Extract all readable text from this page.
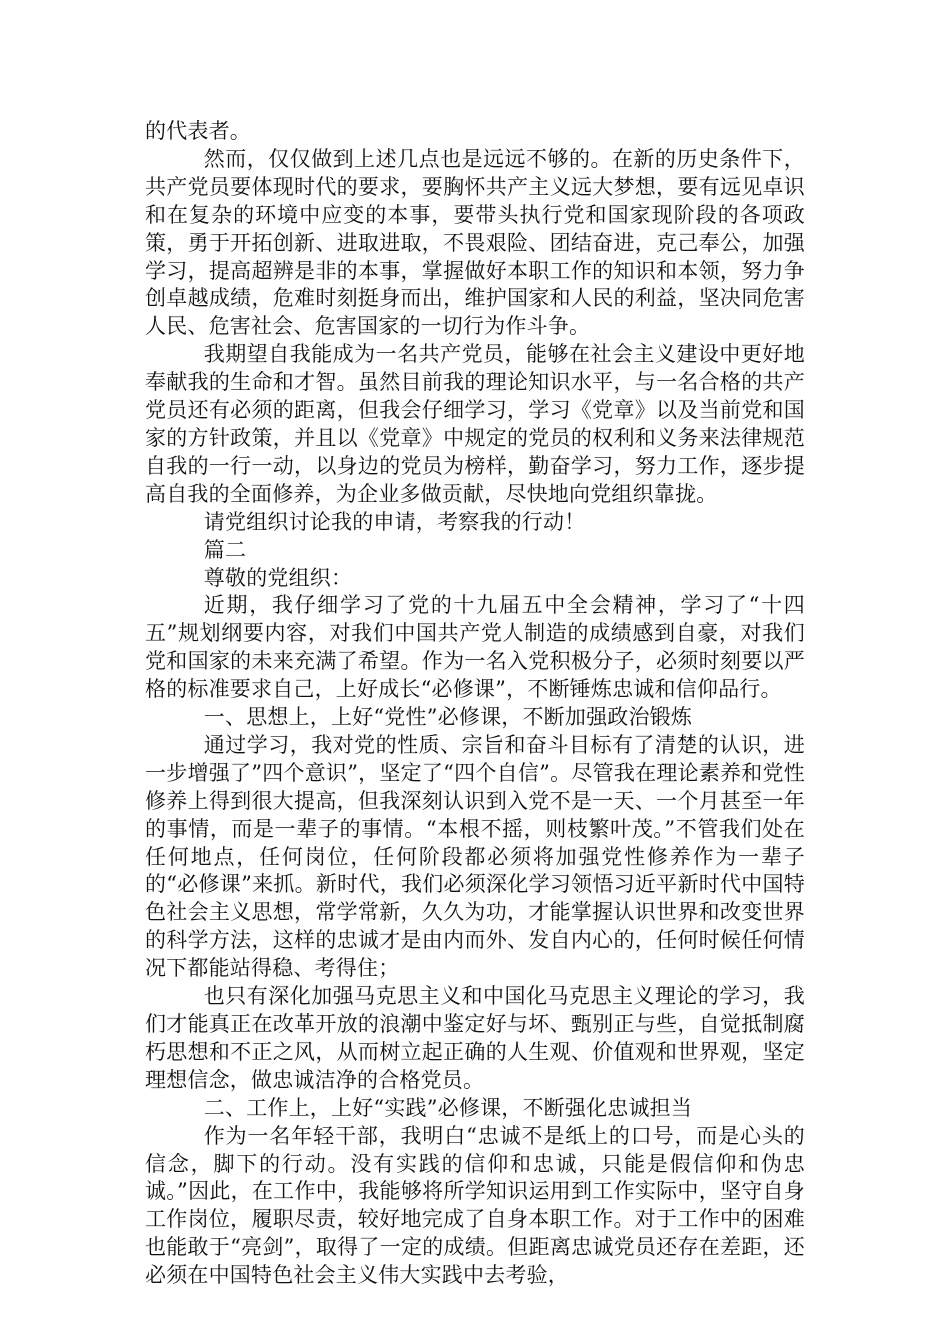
的代表者。

然而，仅仅做到上述几点也是远远不够的。在新的历史条件下，共产党员要体现时代的要求，要胸怀共产主义远大梦想，要有远见卓识和在复杂的环境中应变的本事，要带头执行党和国家现阶段的各项政策，勇于开拓创新、进取进取，不畏艰险、团结奋进，克己奉公，加强学习，提高超辨是非的本事，掌握做好本职工作的知识和本领，努力争创卓越成绩，危难时刻挺身而出，维护国家和人民的利益，坚决同危害人民、危害社会、危害国家的一切行为作斗争。

我期望自我能成为一名共产党员，能够在社会主义建设中更好地奉献我的生命和才智。虽然目前我的理论知识水平，与一名合格的共产党员还有必须的距离，但我会仔细学习，学习《党章》以及当前党和国家的方针政策，并且以《党章》中规定的党员的权利和义务来法律规范自我的一行一动，以身边的党员为榜样，勤奋学习，努力工作，逐步提高自我的全面修养，为企业多做贡献，尽快地向党组织靠拢。

请党组织讨论我的申请，考察我的行动！

篇二

尊敬的党组织：

近期，我仔细学习了党的十九届五中全会精神，学习了“十四五”规划纲要内容，对我们中国共产党人制造的成绩感到自豪，对我们党和国家的未来充满了希望。作为一名入党积极分子，必须时刻要以严格的标准要求自己，上好成长“必修课”，不断锤炼忠诚和信仰品行。

一、思想上，上好“党性”必修课，不断加强政治锻炼

通过学习，我对党的性质、宗旨和奋斗目标有了清楚的认识，进一步增强了”四个意识”，坚定了“四个自信”。尽管我在理论素养和党性修养上得到很大提高，但我深刻认识到入党不是一天、一个月甚至一年的事情，而是一辈子的事情。“本根不摇，则枝繁叶茂。”不管我们处在任何地点，任何岗位，任何阶段都必须将加强党性修养作为一辈子的“必修课”来抓。新时代，我们必须深化学习领悟习近平新时代中国特色社会主义思想，常学常新，久久为功，才能掌握认识世界和改变世界的科学方法，这样的忠诚才是由内而外、发自内心的，任何时候任何情况下都能站得稳、考得住；

也只有深化加强马克思主义和中国化马克思主义理论的学习，我们才能真正在改革开放的浪潮中鉴定好与坏、甄别正与些，自觉抵制腐朽思想和不正之风，从而树立起正确的人生观、价值观和世界观，坚定理想信念，做忠诚洁净的合格党员。

二、工作上，上好“实践”必修课，不断强化忠诚担当

作为一名年轻干部，我明白“忠诚不是纸上的口号，而是心头的信念，脚下的行动。没有实践的信仰和忠诚，只能是假信仰和伪忠诚。”因此，在工作中，我能够将所学知识运用到工作实际中，坚守自身工作岗位，履职尽责，较好地完成了自身本职工作。对于工作中的困难也能敢于“亮剑”，取得了一定的成绩。但距离忠诚党员还存在差距，还必须在中国特色社会主义伟大实践中去考验，
